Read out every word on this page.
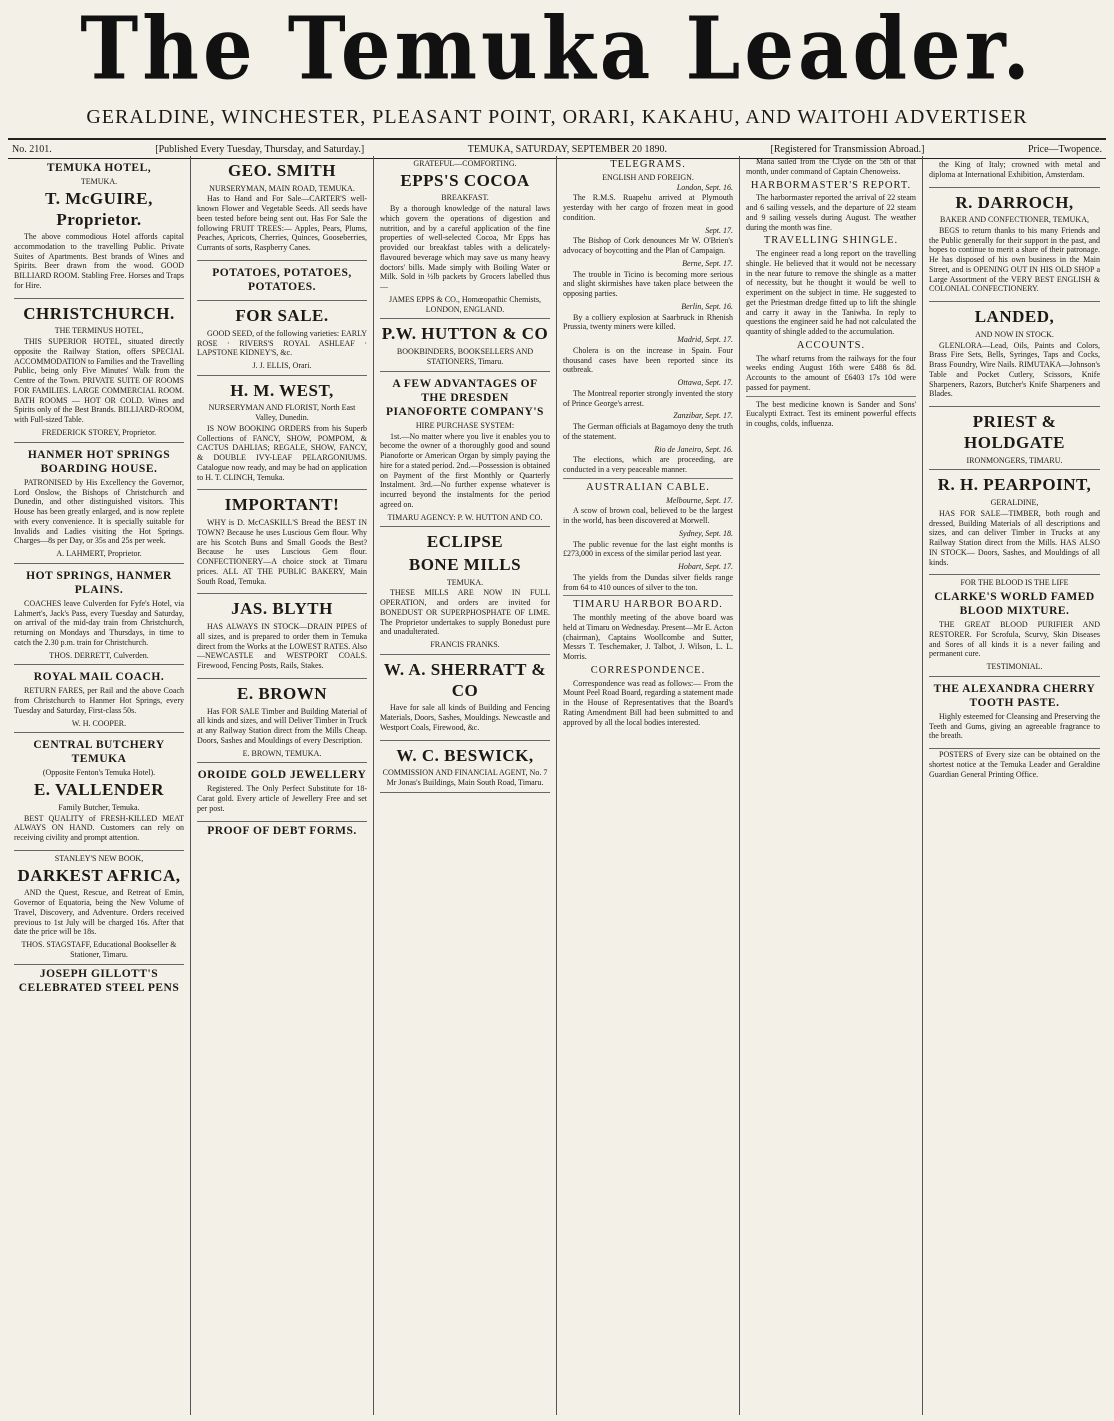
The Temuka Leader.
GERALDINE, WINCHESTER, PLEASANT POINT, ORARI, KAKAHU, AND WAITOHI ADVERTISER
No. 2101.	[Published Every Tuesday, Thursday, and Saturday.]	TEMUKA, SATURDAY, SEPTEMBER 20 1890.	[Registered for Transmission Abroad.]	Price—Twopence.
TEMUKA HOTEL,
TEMUKA.
T. McGUIRE, Proprietor.
The above commodious Hotel affords capital accommodation to the travelling Public. Private Suites of Apartments. Best brands of Wines and Spirits. Beer drawn from the wood. GOOD BILLIARD ROOM. Stabling Free. Horses and Traps for Hire.
CHRISTCHURCH.
THE TERMINUS HOTEL,
THIS SUPERIOR HOTEL, situated directly opposite the Railway Station, offers SPECIAL ACCOMMODATION to Families and the Travelling Public, being only Five Minutes' Walk from the Centre of the Town. PRIVATE SUITE OF ROOMS FOR FAMILIES. LARGE COMMERCIAL ROOM. BATH ROOMS — HOT OR COLD. Wines and Spirits only of the Best Brands. BILLIARD-ROOM, with Full-sized Table.
FREDERICK STOREY, Proprietor.
HANMER HOT SPRINGS BOARDING HOUSE.
PATRONISED by His Excellency the Governor, Lord Onslow, the Bishops of Christchurch and Dunedin, and other distinguished visitors. This House has been greatly enlarged, and is now replete with every convenience. It is specially suitable for Invalids and Ladies visiting the Hot Springs. Charges—8s per Day, or 35s and 25s per week.
A. LAHMERT, Proprietor.
HOT SPRINGS, HANMER PLAINS.
COACHES leave Culverden for Fyfe's Hotel, via Lahmert's, Jack's Pass, every Tuesday and Saturday, on arrival of the mid-day train from Christchurch, returning on Mondays and Thursdays, in time to catch the 2.30 p.m. train for Christchurch.
THOS. DERRETT, Culverden.
ROYAL MAIL COACH.
RETURN FARES, per Rail and the above Coach from Christchurch to Hanmer Hot Springs, every Tuesday and Saturday, First-class 50s.
W. H. COOPER.
CENTRAL BUTCHERY TEMUKA
(Opposite Fenton's Temuka Hotel).
E. VALLENDER
Family Butcher, Temuka.
BEST QUALITY of FRESH-KILLED MEAT ALWAYS ON HAND. Customers can rely on receiving civility and prompt attention.
STANLEY'S NEW BOOK,
DARKEST AFRICA,
AND the Quest, Rescue, and Retreat of Emin, Governor of Equatoria, being the New Volume of Travel, Discovery, and Adventure. Orders received previous to 1st July will be charged 16s. After that date the price will be 18s.
THOS. STAGSTAFF, Educational Bookseller & Stationer, Timaru.
JOSEPH GILLOTT'S CELEBRATED STEEL PENS
GEO. SMITH
NURSERYMAN, MAIN ROAD, TEMUKA.
Has to Hand and For Sale—CARTER'S well-known Flower and Vegetable Seeds. All seeds have been tested before being sent out. Has For Sale the following FRUIT TREES:— Apples, Pears, Plums, Peaches, Apricots, Cherries, Quinces, Gooseberries, Currants of sorts, Raspberry Canes.
POTATOES, POTATOES, POTATOES.
FOR SALE.
GOOD SEED, of the following varieties: EARLY ROSE · RIVERS'S ROYAL ASHLEAF · LAPSTONE KIDNEY'S, &c.
J. J. ELLIS, Orari.
H. M. WEST,
NURSERYMAN AND FLORIST, North East Valley, Dunedin.
IS NOW BOOKING ORDERS from his Superb Collections of FANCY, SHOW, POMPOM, & CACTUS DAHLIAS; REGALE, SHOW, FANCY, & DOUBLE IVY-LEAF PELARGONIUMS. Catalogue now ready, and may be had on application to H. T. CLINCH, Temuka.
IMPORTANT!
WHY is D. McCASKILL'S Bread the BEST IN TOWN? Because he uses Luscious Gem flour. Why are his Scotch Buns and Small Goods the Best? Because he uses Luscious Gem flour. CONFECTIONERY—A choice stock at Timaru prices. ALL AT THE PUBLIC BAKERY, Main South Road, Temuka.
JAS. BLYTH
HAS ALWAYS IN STOCK—DRAIN PIPES of all sizes, and is prepared to order them in Temuka direct from the Works at the LOWEST RATES. Also—NEWCASTLE and WESTPORT COALS. Firewood, Fencing Posts, Rails, Stakes.
E. BROWN
Has FOR SALE Timber and Building Material of all kinds and sizes, and will Deliver Timber in Truck at any Railway Station direct from the Mills Cheap. Doors, Sashes and Mouldings of every Description.
E. BROWN, TEMUKA.
OROIDE GOLD JEWELLERY
Registered. The Only Perfect Substitute for 18-Carat gold. Every article of Jewellery Free and set per post.
PROOF OF DEBT FORMS.
GRATEFUL—COMFORTING.
EPPS'S COCOA
BREAKFAST.
By a thorough knowledge of the natural laws which govern the operations of digestion and nutrition, and by a careful application of the fine properties of well-selected Cocoa, Mr Epps has provided our breakfast tables with a delicately-flavoured beverage which may save us many heavy doctors' bills. Made simply with Boiling Water or Milk. Sold in ½lb packets by Grocers labelled thus—
JAMES EPPS & CO., Homœopathic Chemists, LONDON, ENGLAND.
P.W. HUTTON & CO
BOOKBINDERS, BOOKSELLERS AND STATIONERS, Timaru.
A FEW ADVANTAGES OF THE DRESDEN PIANOFORTE COMPANY'S
HIRE PURCHASE SYSTEM:
1st.—No matter where you live it enables you to become the owner of a thoroughly good and sound Pianoforte or American Organ by simply paying the hire for a stated period. 2nd.—Possession is obtained on Payment of the first Monthly or Quarterly Instalment. 3rd.—No further expense whatever is incurred beyond the instalments for the period agreed on.
TIMARU AGENCY: P. W. HUTTON AND CO.
ECLIPSE
BONE MILLS
TEMUKA.
THESE MILLS ARE NOW IN FULL OPERATION, and orders are invited for BONEDUST OR SUPERPHOSPHATE OF LIME. The Proprietor undertakes to supply Bonedust pure and unadulterated.
FRANCIS FRANKS.
W. A. SHERRATT & CO
Have for sale all kinds of Building and Fencing Materials, Doors, Sashes, Mouldings. Newcastle and Westport Coals, Firewood, &c.
W. C. BESWICK,
COMMISSION AND FINANCIAL AGENT, No. 7 Mr Jonas's Buildings, Main South Road, Timaru.
TELEGRAMS.
ENGLISH AND FOREIGN.
London, Sept. 16.
The R.M.S. Ruapehu arrived at Plymouth yesterday with her cargo of frozen meat in good condition.
Sept. 17.
The Bishop of Cork denounces Mr W. O'Brien's advocacy of boycotting and the Plan of Campaign.
Berne, Sept. 17.
The trouble in Ticino is becoming more serious and slight skirmishes have taken place between the opposing parties.
Berlin, Sept. 16.
By a colliery explosion at Saarbruck in Rhenish Prussia, twenty miners were killed.
Madrid, Sept. 17.
Cholera is on the increase in Spain. Four thousand cases have been reported since its outbreak.
Ottawa, Sept. 17.
The Montreal reporter strongly invented the story of Prince George's arrest.
Zanzibar, Sept. 17.
The German officials at Bagamoyo deny the truth of the statement.
Rio de Janeiro, Sept. 16.
The elections, which are proceeding, are conducted in a very peaceable manner.
AUSTRALIAN CABLE.
Melbourne, Sept. 17.
A scow of brown coal, believed to be the largest in the world, has been discovered at Morwell.
Sydney, Sept. 18.
The public revenue for the last eight months is £273,000 in excess of the similar period last year.
Hobart, Sept. 17.
The yields from the Dundas silver fields range from 64 to 410 ounces of silver to the ton.
TIMARU HARBOR BOARD.
The monthly meeting of the above board was held at Timaru on Wednesday. Present—Mr E. Acton (chairman), Captains Woollcombe and Sutter, Messrs T. Teschemaker, J. Talbot, J. Wilson, L. L. Morris.
CORRESPONDENCE.
Correspondence was read as follows:— From the Mount Peel Road Board, regarding a statement made in the House of Representatives that the Board's Rating Amendment Bill had been submitted to and approved by all the local bodies interested.
Mana sailed from the Clyde on the 5th of that month, under command of Captain Chenoweiss.
HARBORMASTER'S REPORT.
The harbormaster reported the arrival of 22 steam and 6 sailing vessels, and the departure of 22 steam and 9 sailing vessels during August. The weather during the month was fine.
TRAVELLING SHINGLE.
The engineer read a long report on the travelling shingle. He believed that it would not be necessary in the near future to remove the shingle as a matter of necessity, but he thought it would be well to experiment on the subject in time. He suggested to get the Priestman dredge fitted up to lift the shingle and carry it away in the Taniwha. In reply to questions the engineer said he had not calculated the quantity of shingle added to the accumulation.
ACCOUNTS.
The wharf returns from the railways for the four weeks ending August 16th were £488 6s 8d. Accounts to the amount of £6403 17s 10d were passed for payment.
The best medicine known is Sander and Sons' Eucalypti Extract. Test its eminent powerful effects in coughs, colds, influenza.
the King of Italy; crowned with metal and diploma at International Exhibition, Amsterdam.
R. DARROCH,
BAKER AND CONFECTIONER, TEMUKA,
BEGS to return thanks to his many Friends and the Public generally for their support in the past, and hopes to continue to merit a share of their patronage. He has disposed of his own business in the Main Street, and is OPENING OUT IN HIS OLD SHOP a Large Assortment of the VERY BEST ENGLISH & COLONIAL CONFECTIONERY.
LANDED,
AND NOW IN STOCK.
GLENLORA—Lead, Oils, Paints and Colors, Brass Fire Sets, Bells, Syringes, Taps and Cocks, Brass Foundry, Wire Nails. RIMUTAKA—Johnson's Table and Pocket Cutlery, Scissors, Knife Sharpeners, Razors, Butcher's Knife Sharpeners and Blades.
PRIEST & HOLDGATE
IRONMONGERS, TIMARU.
R. H. PEARPOINT,
GERALDINE,
HAS FOR SALE—TIMBER, both rough and dressed, Building Materials of all descriptions and sizes, and can deliver Timber in Trucks at any Railway Station direct from the Mills. HAS ALSO IN STOCK— Doors, Sashes, and Mouldings of all kinds.
FOR THE BLOOD IS THE LIFE
CLARKE'S WORLD FAMED BLOOD MIXTURE.
THE GREAT BLOOD PURIFIER AND RESTORER. For Scrofula, Scurvy, Skin Diseases and Sores of all kinds it is a never failing and permanent cure.
TESTIMONIAL.
THE ALEXANDRA CHERRY TOOTH PASTE.
Highly esteemed for Cleansing and Preserving the Teeth and Gums, giving an agreeable fragrance to the breath.
POSTERS of Every size can be obtained on the shortest notice at the Temuka Leader and Geraldine Guardian General Printing Office.
